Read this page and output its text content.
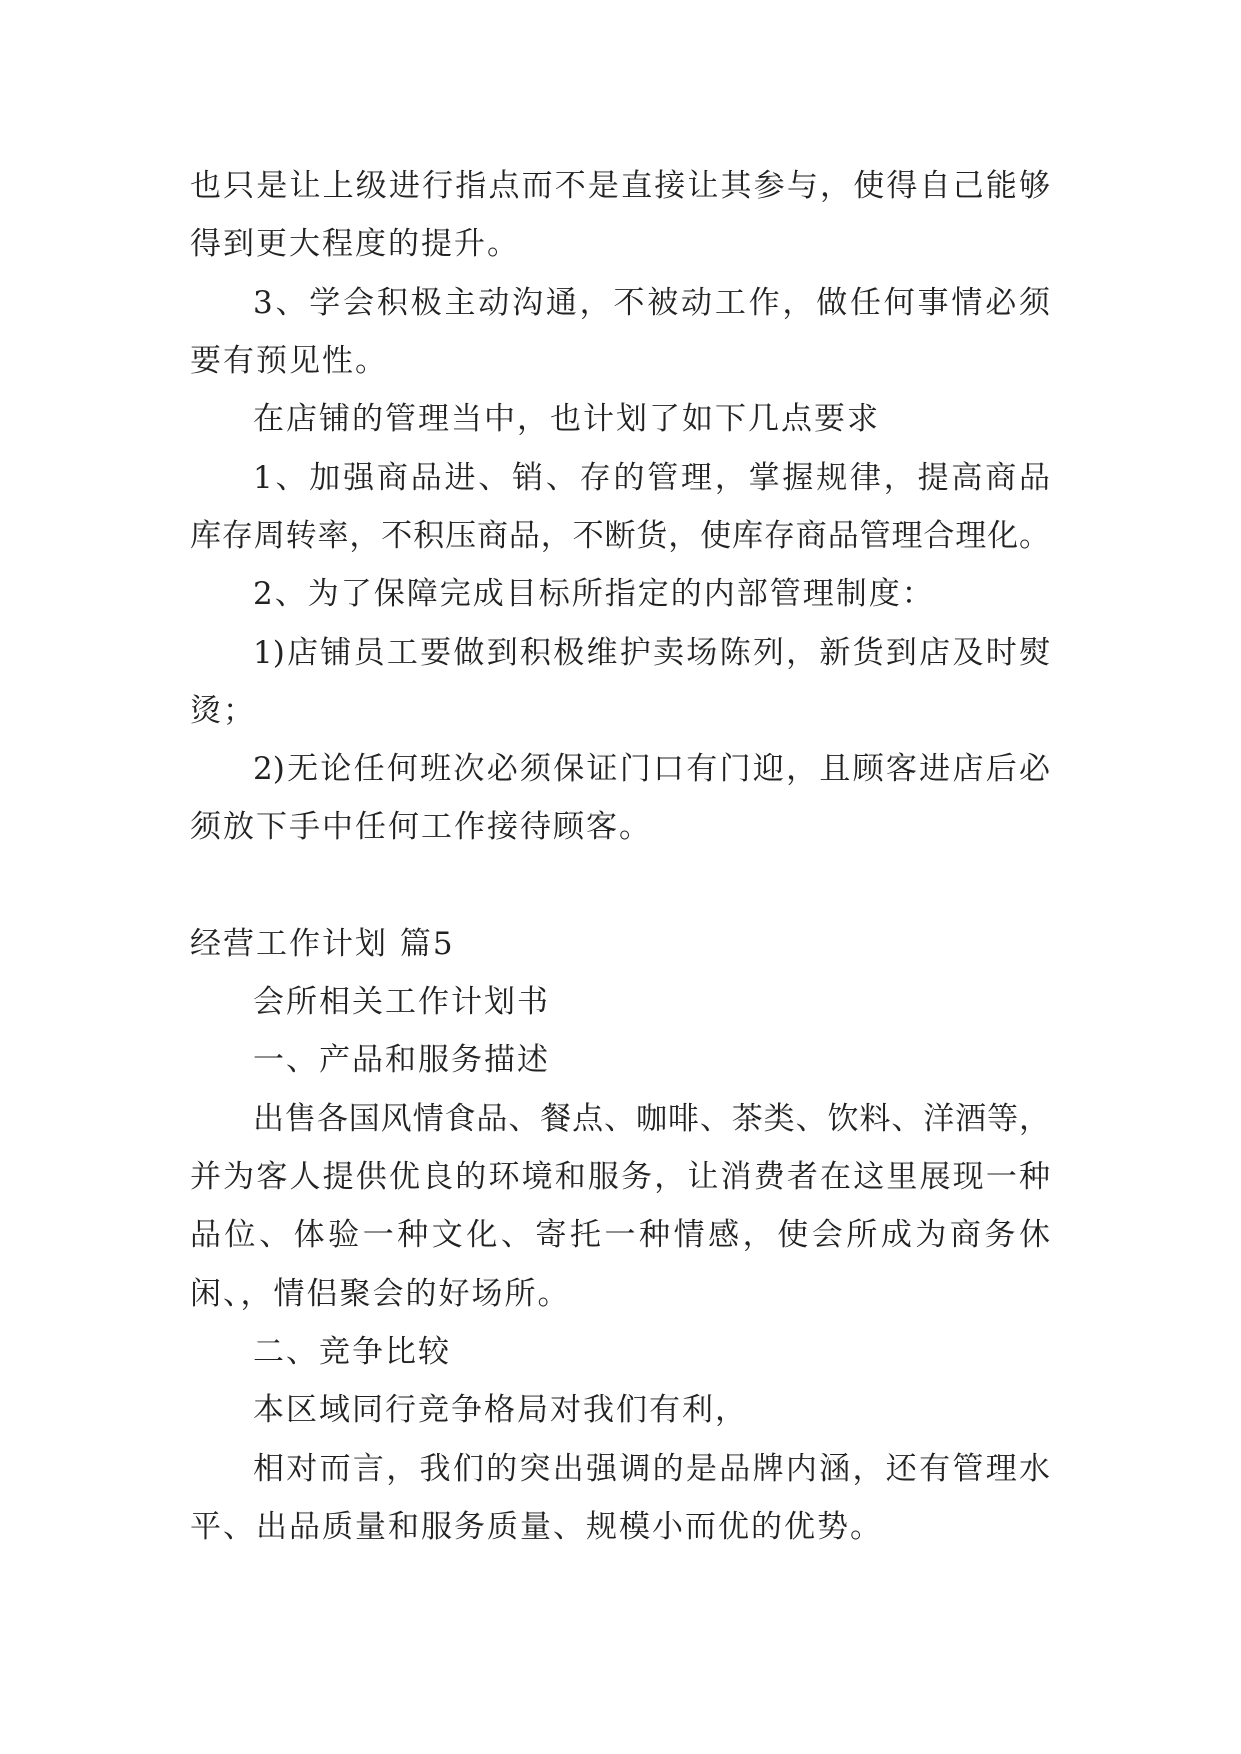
也只是让上级进行指点而不是直接让其参与，使得自己能够
得到更大程度的提升。
3、学会积极主动沟通，不被动工作，做任何事情必须
要有预见性。
在店铺的管理当中，也计划了如下几点要求
1、加强商品进、销、存的管理，掌握规律，提高商品
库存周转率，不积压商品，不断货，使库存商品管理合理化。
2、为了保障完成目标所指定的内部管理制度：
1)店铺员工要做到积极维护卖场陈列，新货到店及时熨
烫；
2)无论任何班次必须保证门口有门迎，且顾客进店后必
须放下手中任何工作接待顾客。
经营工作计划 篇5
会所相关工作计划书
一、产品和服务描述
出售各国风情食品、餐点、咖啡、茶类、饮料、洋酒等，
并为客人提供优良的环境和服务，让消费者在这里展现一种
品位、体验一种文化、寄托一种情感，使会所成为商务休
闲、，情侣聚会的好场所。
二、竞争比较
本区域同行竞争格局对我们有利，
相对而言，我们的突出强调的是品牌内涵，还有管理水
平、出品质量和服务质量、规模小而优的优势。
